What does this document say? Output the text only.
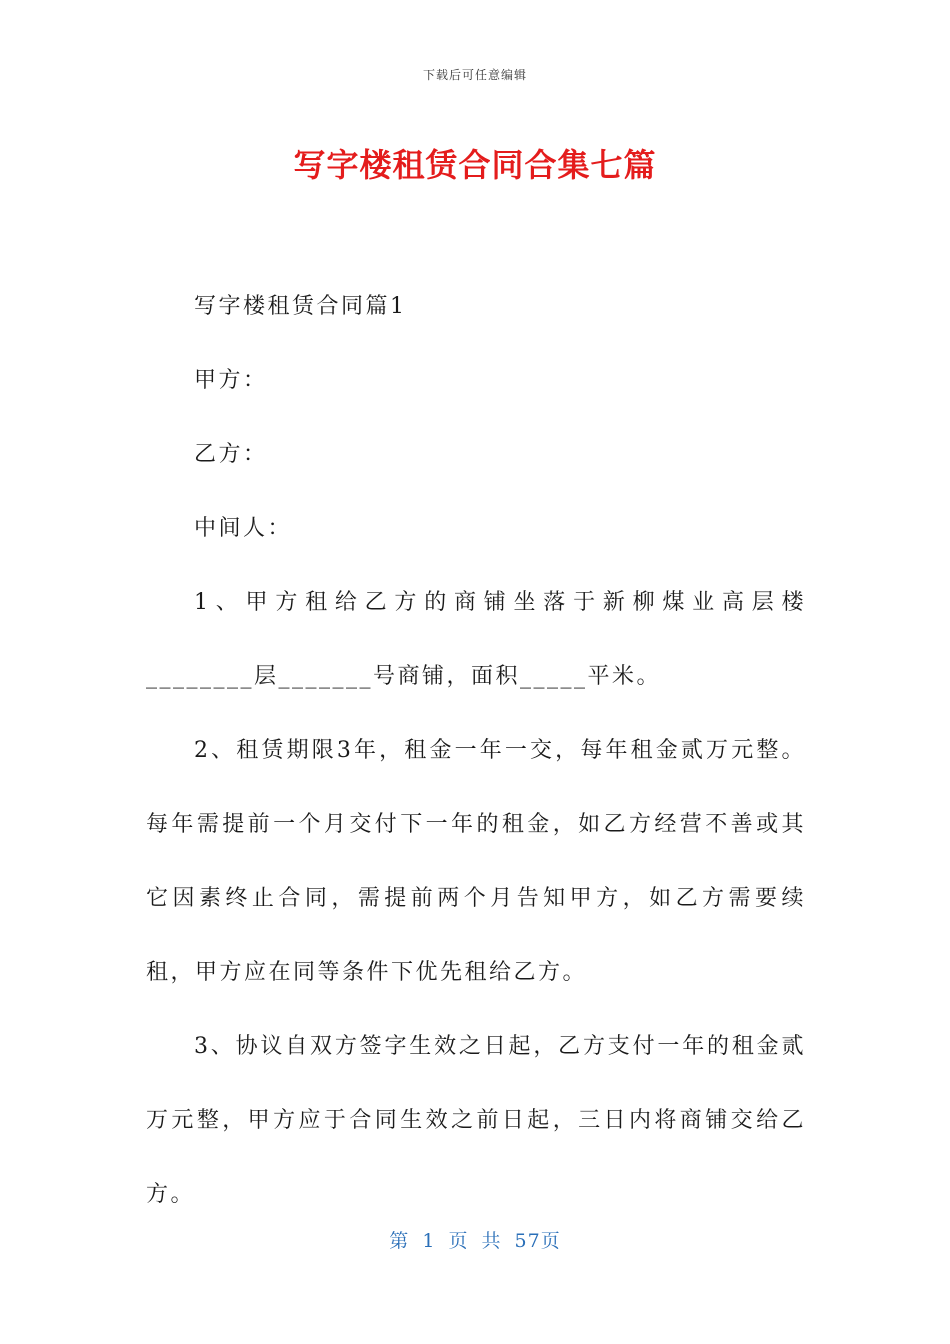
下载后可任意编辑
写字楼租赁合同合集七篇

写字楼租赁合同篇1

甲方：

乙方：

中间人：

1、甲方租给乙方的商铺坐落于新柳煤业高层楼________层_______号商铺，面积_____平米。

2、租赁期限3年，租金一年一交，每年租金贰万元整。每年需提前一个月交付下一年的租金，如乙方经营不善或其它因素终止合同，需提前两个月告知甲方，如乙方需要续租，甲方应在同等条件下优先租给乙方。

3、协议自双方签字生效之日起，乙方支付一年的租金贰万元整，甲方应于合同生效之前日起，三日内将商铺交给乙方。

第 1 页 共 57页
